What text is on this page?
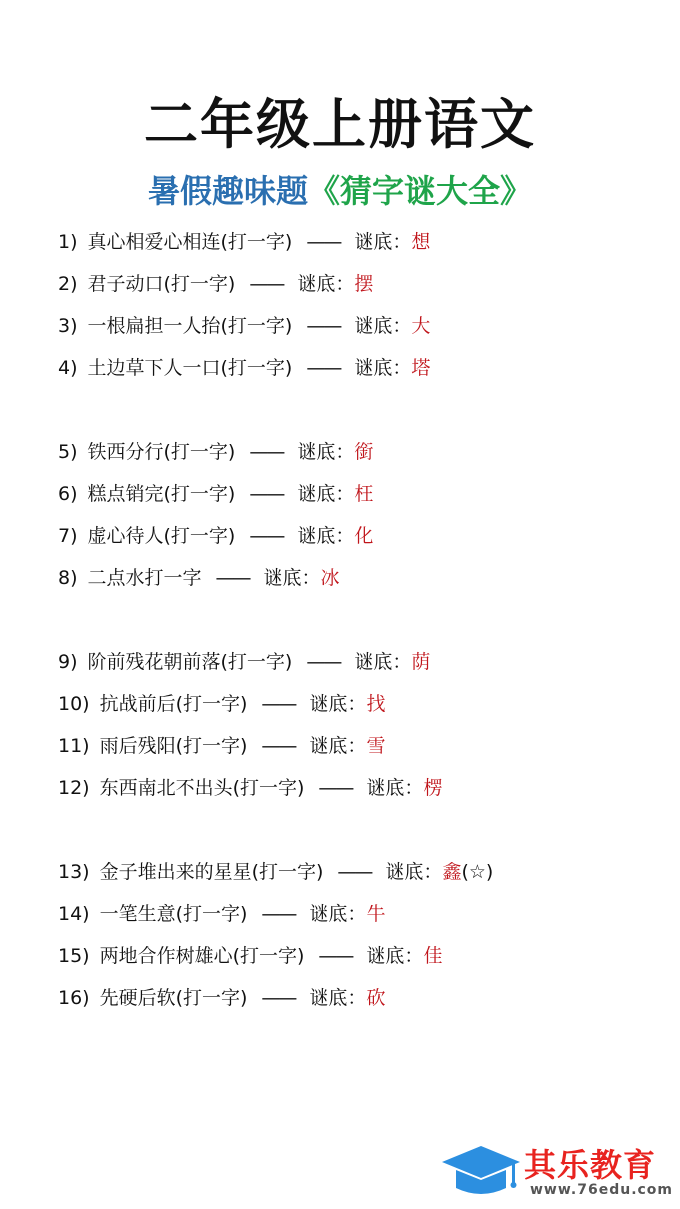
二年级上册语文
暑假趣味题《猜字谜大全》
1) 真心相爱心相连(打一字) —— 谜底：想
2) 君子动口(打一字) —— 谜底：摆
3) 一根扁担一人抬(打一字) —— 谜底：大
4) 土边草下人一口(打一字) —— 谜底：塔
5) 铁西分行(打一字) —— 谜底：銜
6) 糕点销完(打一字) —— 谜底：枉
7) 虚心待人(打一字) —— 谜底：化
8) 二点水打一字 —— 谜底：冰
9) 阶前残花朝前落(打一字) —— 谜底：荫
10) 抗战前后(打一字) —— 谜底：找
11) 雨后残阳(打一字) —— 谜底：雪
12) 东西南北不出头(打一字) —— 谜底：楞
13) 金子堆出来的星星(打一字) —— 谜底：鑫(☆)
14) 一笔生意(打一字) —— 谜底：牛
15) 两地合作树雄心(打一字) —— 谜底：佳
16) 先硬后软(打一字) —— 谜底：砍
其乐教育
www.76edu.com
